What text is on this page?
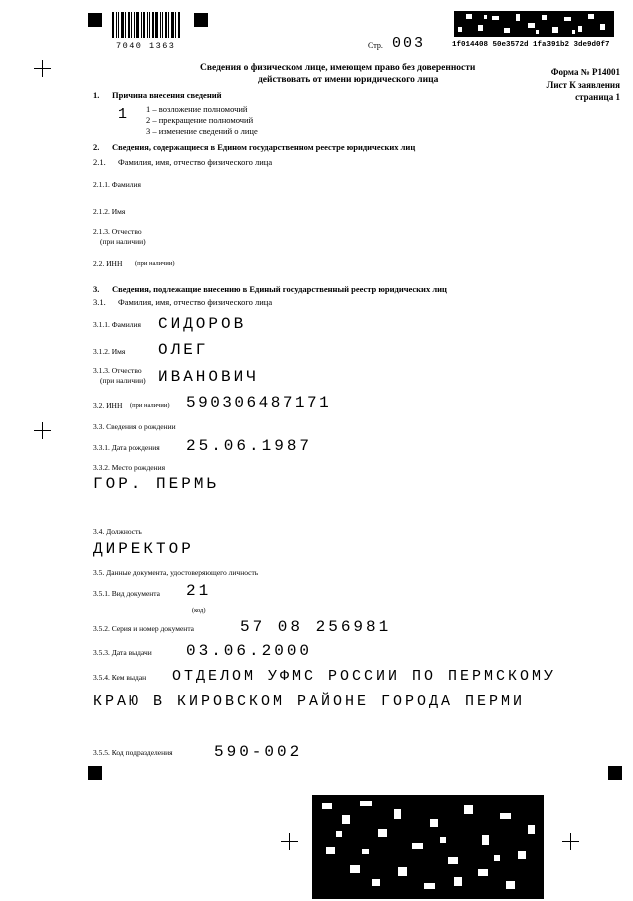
7040 1363	Стр. 003	1f014408 50e3572d 1fa391b2 3de9d0f7
Сведения о физическом лице, имеющем право без доверенности
действовать от имени юридического лица
Форма № Р14001
Лист К заявления
страница 1
1. Причина внесения сведений
1 1 – возложение полномочий
2 – прекращение полномочий
3 – изменение сведений о лице
2. Сведения, содержащиеся в Едином государственном реестре юридических лиц
2.1. Фамилия, имя, отчество физического лица
2.1.1. Фамилия
2.1.2. Имя
2.1.3. Отчество
(при наличии)
2.2. ИНН (при наличии)
3. Сведения, подлежащие внесению в Единый государственный реестр юридических лиц
3.1. Фамилия, имя, отчество физического лица
3.1.1. Фамилия СИДОРОВ
3.1.2. Имя ОЛЕГ
3.1.3. Отчество
(при наличии) ИВАНОВИЧ
3.2. ИНН (при наличии) 590306487171
3.3. Сведения о рождении
3.3.1. Дата рождения 25.06.1987
3.3.2. Место рождения
ГОР. ПЕРМЬ
3.4. Должность
ДИРЕКТОР
3.5. Данные документа, удостоверяющего личность
3.5.1. Вид документа 21
(код)
3.5.2. Серия и номер документа	57 08 256981
3.5.3. Дата выдачи 03.06.2000
3.5.4. Кем выдан ОТДЕЛОМ УФМС РОССИИ ПО ПЕРМСКОМУ
КРАЮ В КИРОВСКОМ РАЙОНЕ ГОРОДА ПЕРМИ
3.5.5. Код подразделения	590-002
